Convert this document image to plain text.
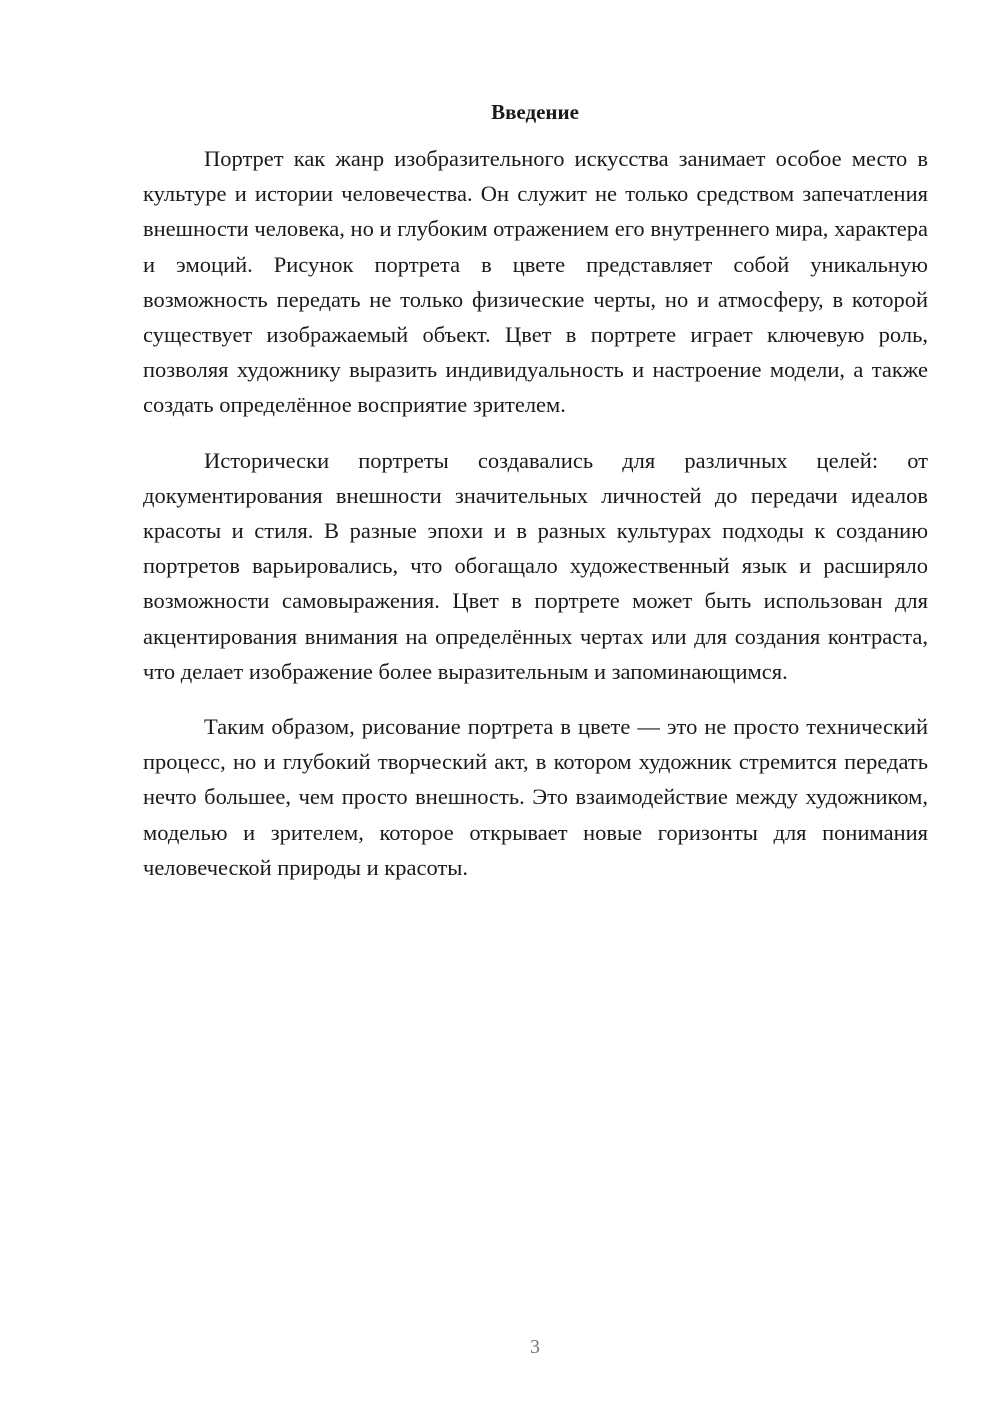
Введение

Портрет как жанр изобразительного искусства занимает особое место в культуре и истории человечества. Он служит не только средством запечатления внешности человека, но и глубоким отражением его внутреннего мира, характера и эмоций. Рисунок портрета в цвете представляет собой уникальную возможность передать не только физические черты, но и атмосферу, в которой существует изображаемый объект. Цвет в портрете играет ключевую роль, позволяя художнику выразить индивидуальность и настроение модели, а также создать определённое восприятие зрителем.

Исторически портреты создавались для различных целей: от документирования внешности значительных личностей до передачи идеалов красоты и стиля. В разные эпохи и в разных культурах подходы к созданию портретов варьировались, что обогащало художественный язык и расширяло возможности самовыражения. Цвет в портрете может быть использован для акцентирования внимания на определённых чертах или для создания контраста, что делает изображение более выразительным и запоминающимся.

Таким образом, рисование портрета в цвете — это не просто технический процесс, но и глубокий творческий акт, в котором художник стремится передать нечто большее, чем просто внешность. Это взаимодействие между художником, моделью и зрителем, которое открывает новые горизонты для понимания человеческой природы и красоты.

3
